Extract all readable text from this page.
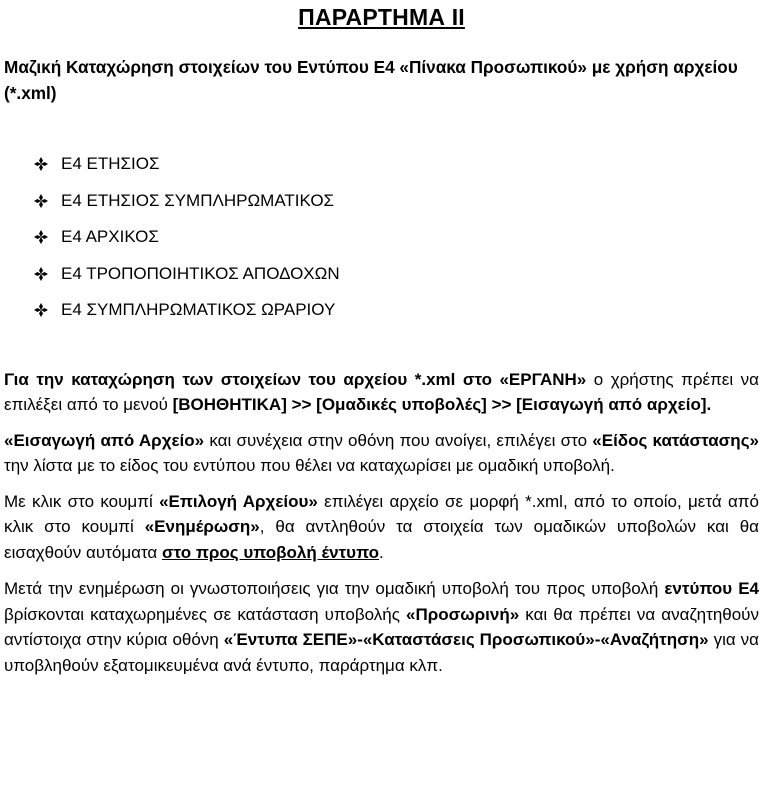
ΠΑΡΑΡΤΗΜΑ ΙΙ
Μαζική Καταχώρηση στοιχείων του Εντύπου Ε4 «Πίνακα Προσωπικού» με χρήση αρχείου (*.xml)
Ε4 ΕΤΗΣΙΟΣ
Ε4 ΕΤΗΣΙΟΣ ΣΥΜΠΛΗΡΩΜΑΤΙΚΟΣ
Ε4 ΑΡΧΙΚΟΣ
Ε4 ΤΡΟΠΟΠΟΙΗΤΙΚΟΣ ΑΠΟΔΟΧΩΝ
Ε4 ΣΥΜΠΛΗΡΩΜΑΤΙΚΟΣ ΩΡΑΡΙΟΥ

Για την καταχώρηση των στοιχείων του αρχείου *.xml στο «ΕΡΓΑΝΗ» ο χρήστης πρέπει να επιλέξει από το μενού [ΒΟΗΘΗΤΙΚΑ] >> [Ομαδικές υποβολές] >> [Εισαγωγή από αρχείο].

«Εισαγωγή από Αρχείο» και συνέχεια στην οθόνη που ανοίγει, επιλέγει στο «Είδος κατάστασης» την λίστα με το είδος του εντύπου που θέλει να καταχωρίσει με ομαδική υποβολή.

Με κλικ στο κουμπί «Επιλογή Αρχείου» επιλέγει αρχείο σε μορφή *.xml, από το οποίο, μετά από κλικ στο κουμπί «Ενημέρωση», θα αντληθούν τα στοιχεία των ομαδικών υποβολών και θα εισαχθούν αυτόματα στο προς υποβολή έντυπο.

Μετά την ενημέρωση οι γνωστοποιήσεις για την ομαδική υποβολή του προς υποβολή εντύπου Ε4 βρίσκονται καταχωρημένες σε κατάσταση υποβολής «Προσωρινή» και θα πρέπει να αναζητηθούν αντίστοιχα στην κύρια οθόνη «Έντυπα ΣΕΠΕ»-«Καταστάσεις Προσωπικού»-«Αναζήτηση» για να υποβληθούν εξατομικευμένα ανά έντυπο, παράρτημα κλπ.
